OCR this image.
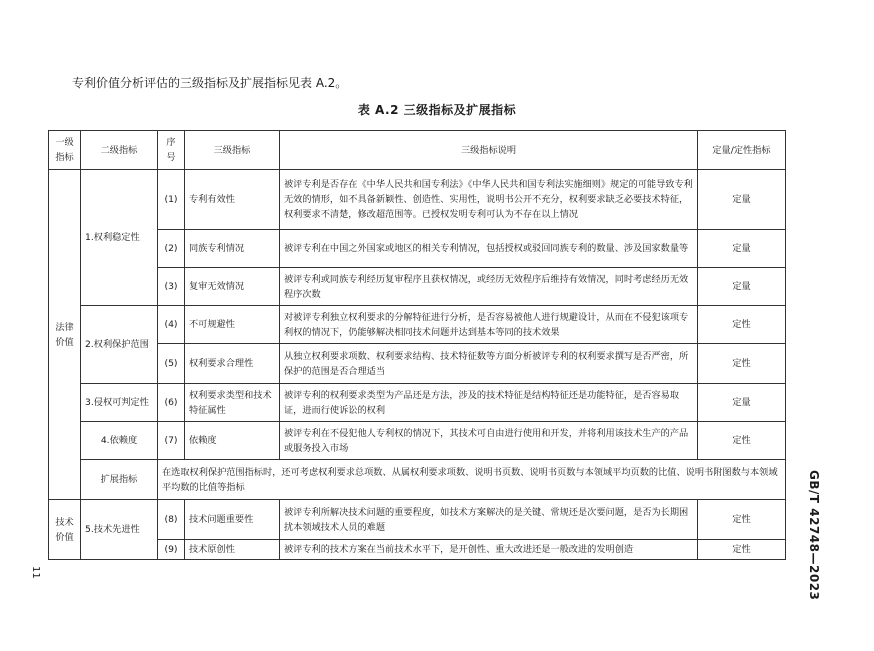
专利价值分析评估的三级指标及扩展指标见表 A.2。
表 A.2 三级指标及扩展指标
一级指标	二级指标	序号	三级指标	三级指标说明	定量/定性指标
法律价值	1.权利稳定性	(1)	专利有效性	被评专利是否存在《中华人民共和国专利法》《中华人民共和国专利法实施细则》规定的可能导致专利无效的情形，如不具备新颖性、创造性、实用性，说明书公开不充分，权利要求缺乏必要技术特征，权利要求不清楚，修改超范围等。已授权发明专利可认为不存在以上情况	定量
		(2)	同族专利情况	被评专利在中国之外国家或地区的相关专利情况，包括授权或驳回同族专利的数量、涉及国家数量等	定量
		(3)	复审无效情况	被评专利或同族专利经历复审程序且获权情况，或经历无效程序后维持有效情况，同时考虑经历无效程序次数	定量
	2.权利保护范围	(4)	不可规避性	对被评专利独立权利要求的分解特征进行分析，是否容易被他人进行规避设计，从而在不侵犯该项专利权的情况下，仍能够解决相同技术问题并达到基本等同的技术效果	定性
		(5)	权利要求合理性	从独立权利要求项数、权利要求结构、技术特征数等方面分析被评专利的权利要求撰写是否严密，所保护的范围是否合理适当	定性
	3.侵权可判定性	(6)	权利要求类型和技术特征属性	被评专利的权利要求类型为产品还是方法，涉及的技术特征是结构特征还是功能特征，是否容易取证，进而行使诉讼的权利	定量
	4.依赖度	(7)	依赖度	被评专利在不侵犯他人专利权的情况下，其技术可自由进行使用和开发，并将利用该技术生产的产品或服务投入市场	定性
	扩展指标	在选取权利保护范围指标时，还可考虑权利要求总项数、从属权利要求项数、说明书页数、说明书页数与本领域平均页数的比值、说明书附图数与本领域平均数的比值等指标			
技术价值	5.技术先进性	(8)	技术问题重要性	被评专利所解决技术问题的重要程度，如技术方案解决的是关键、常规还是次要问题，是否为长期困扰本领域技术人员的难题	定性
		(9)	技术原创性	被评专利的技术方案在当前技术水平下，是开创性、重大改进还是一般改进的发明创造	定性	GB/T 42748—2023
11
